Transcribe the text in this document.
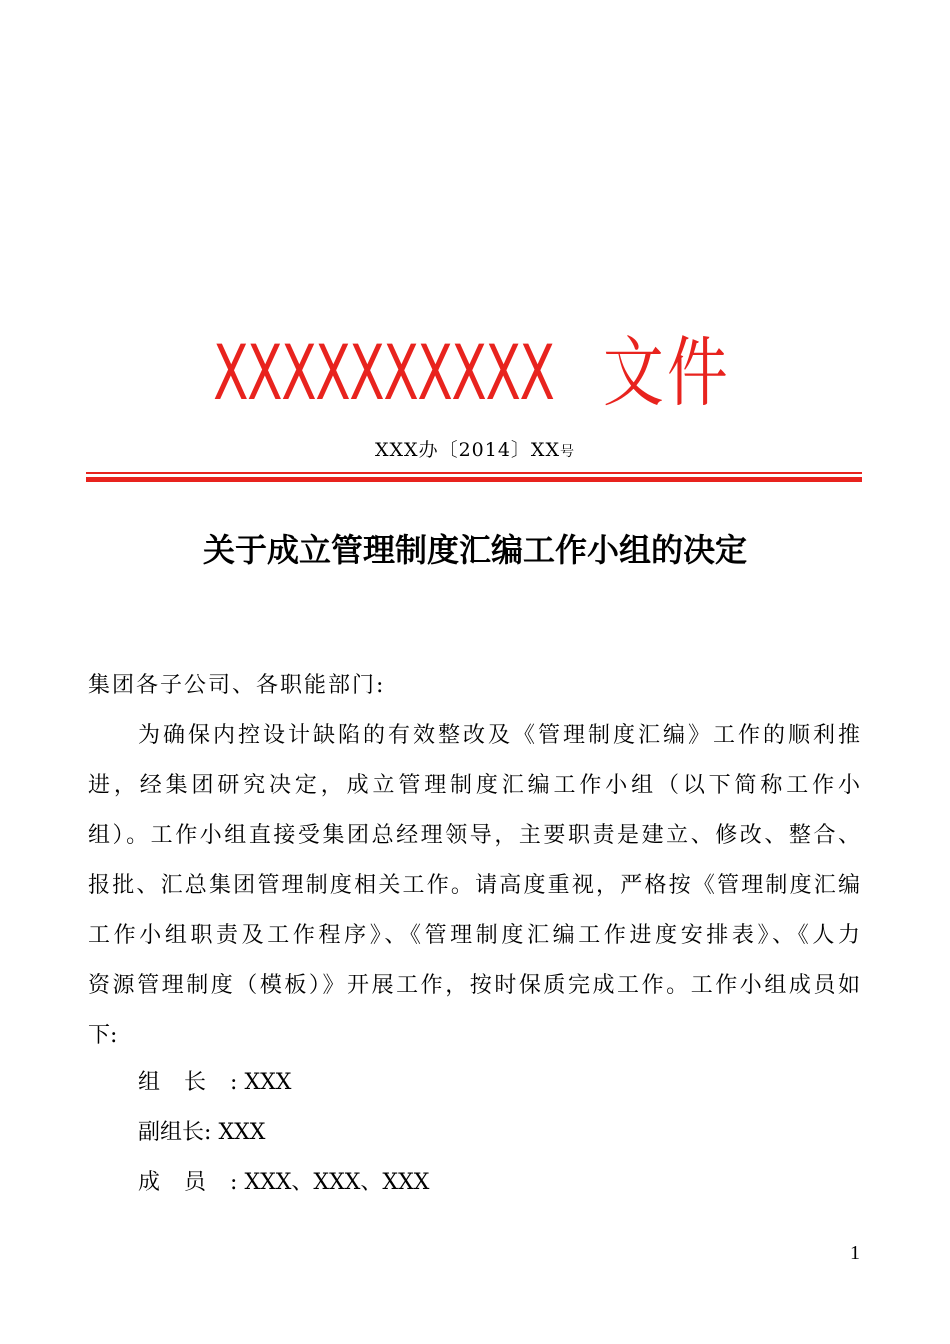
XXXXXXXXXX 文件
XXX办〔2014〕XX号
关于成立管理制度汇编工作小组的决定
集团各子公司、各职能部门:
为确保内控设计缺陷的有效整改及《管理制度汇编》工作的顺利推
进，经集团研究决定，成立管理制度汇编工作小组（以下简称工作小
组）。工作小组直接受集团总经理领导，主要职责是建立、修改、整合、
报批、汇总集团管理制度相关工作。请高度重视，严格按《管理制度汇编
工作小组职责及工作程序》、《管理制度汇编工作进度安排表》、《人力
资源管理制度（模板）》开展工作，按时保质完成工作。工作小组成员如
下:
组长: XXX
副组长: XXX
成员: XXX、XXX、XXX
1
